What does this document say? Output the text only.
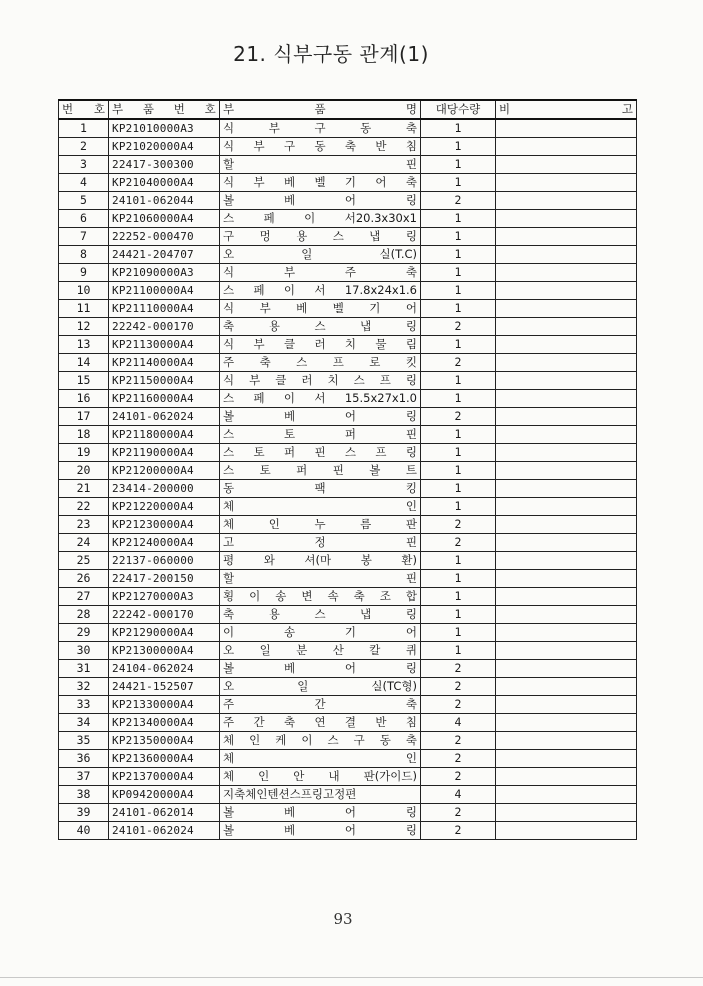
21. 식부구동 관계(1)
번 호	부 품 번 호	부 품 명	대당수량	비 고
1	KP21010000A3	식 부 구 동 축	1	
2	KP21020000A4	식 부 구 동 축 반 침	1	
3	22417-300300	할 핀	1	
4	KP21040000A4	식 부 베 벨 기 어 축	1	
5	24101-062044	볼 베 어 링	2	
6	KP21060000A4	스 페 이 서20.3x30x1	1	
7	22252-000470	구 멍 용 스 냅 링	1	
8	24421-204707	오 일 실(T.C)	1	
9	KP21090000A3	식 부 주 축	1	
10	KP21100000A4	스 페 이 서 17.8x24x1.6	1	
11	KP21110000A4	식 부 베 벨 기 어	1	
12	22242-000170	축 용 스 냅 링	2	
13	KP21130000A4	식 부 클 러 치 물 림	1	
14	KP21140000A4	주 축 스 프 로 킷	2	
15	KP21150000A4	식 부 클 러 치 스 프 링	1	
16	KP21160000A4	스 페 이 서 15.5x27x1.0	1	
17	24101-062024	볼 베 어 링	2	
18	KP21180000A4	스 토 퍼 핀	1	
19	KP21190000A4	스 토 퍼 핀 스 프 링	1	
20	KP21200000A4	스 토 퍼 핀 볼 트	1	
21	23414-200000	동 팩 킹	1	
22	KP21220000A4	체 인	1	
23	KP21230000A4	체 인 누 름 판	2	
24	KP21240000A4	고 정 핀	2	
25	22137-060000	평 와 셔(마 봉 환)	1	
26	22417-200150	할 핀	1	
27	KP21270000A3	횡 이 송 변 속 축 조 합	1	
28	22242-000170	축 용 스 냅 링	1	
29	KP21290000A4	이 송 기 어	1	
30	KP21300000A4	오 일 분 산 칼 퀴	1	
31	24104-062024	볼 베 어 링	2	
32	24421-152507	오 일 실(TC형)	2	
33	KP21330000A4	주 간 축	2	
34	KP21340000A4	주 간 축 연 결 반 침	4	
35	KP21350000A4	체 인 케 이 스 구 동 축	2	
36	KP21360000A4	체 인	2	
37	KP21370000A4	체 인 안 내 판(가이드)	2	
38	KP09420000A4	지축체인텐션스프링고정편	4	
39	24101-062014	볼 베 어 링	2	
40	24101-062024	볼 베 어 링	2	
93
